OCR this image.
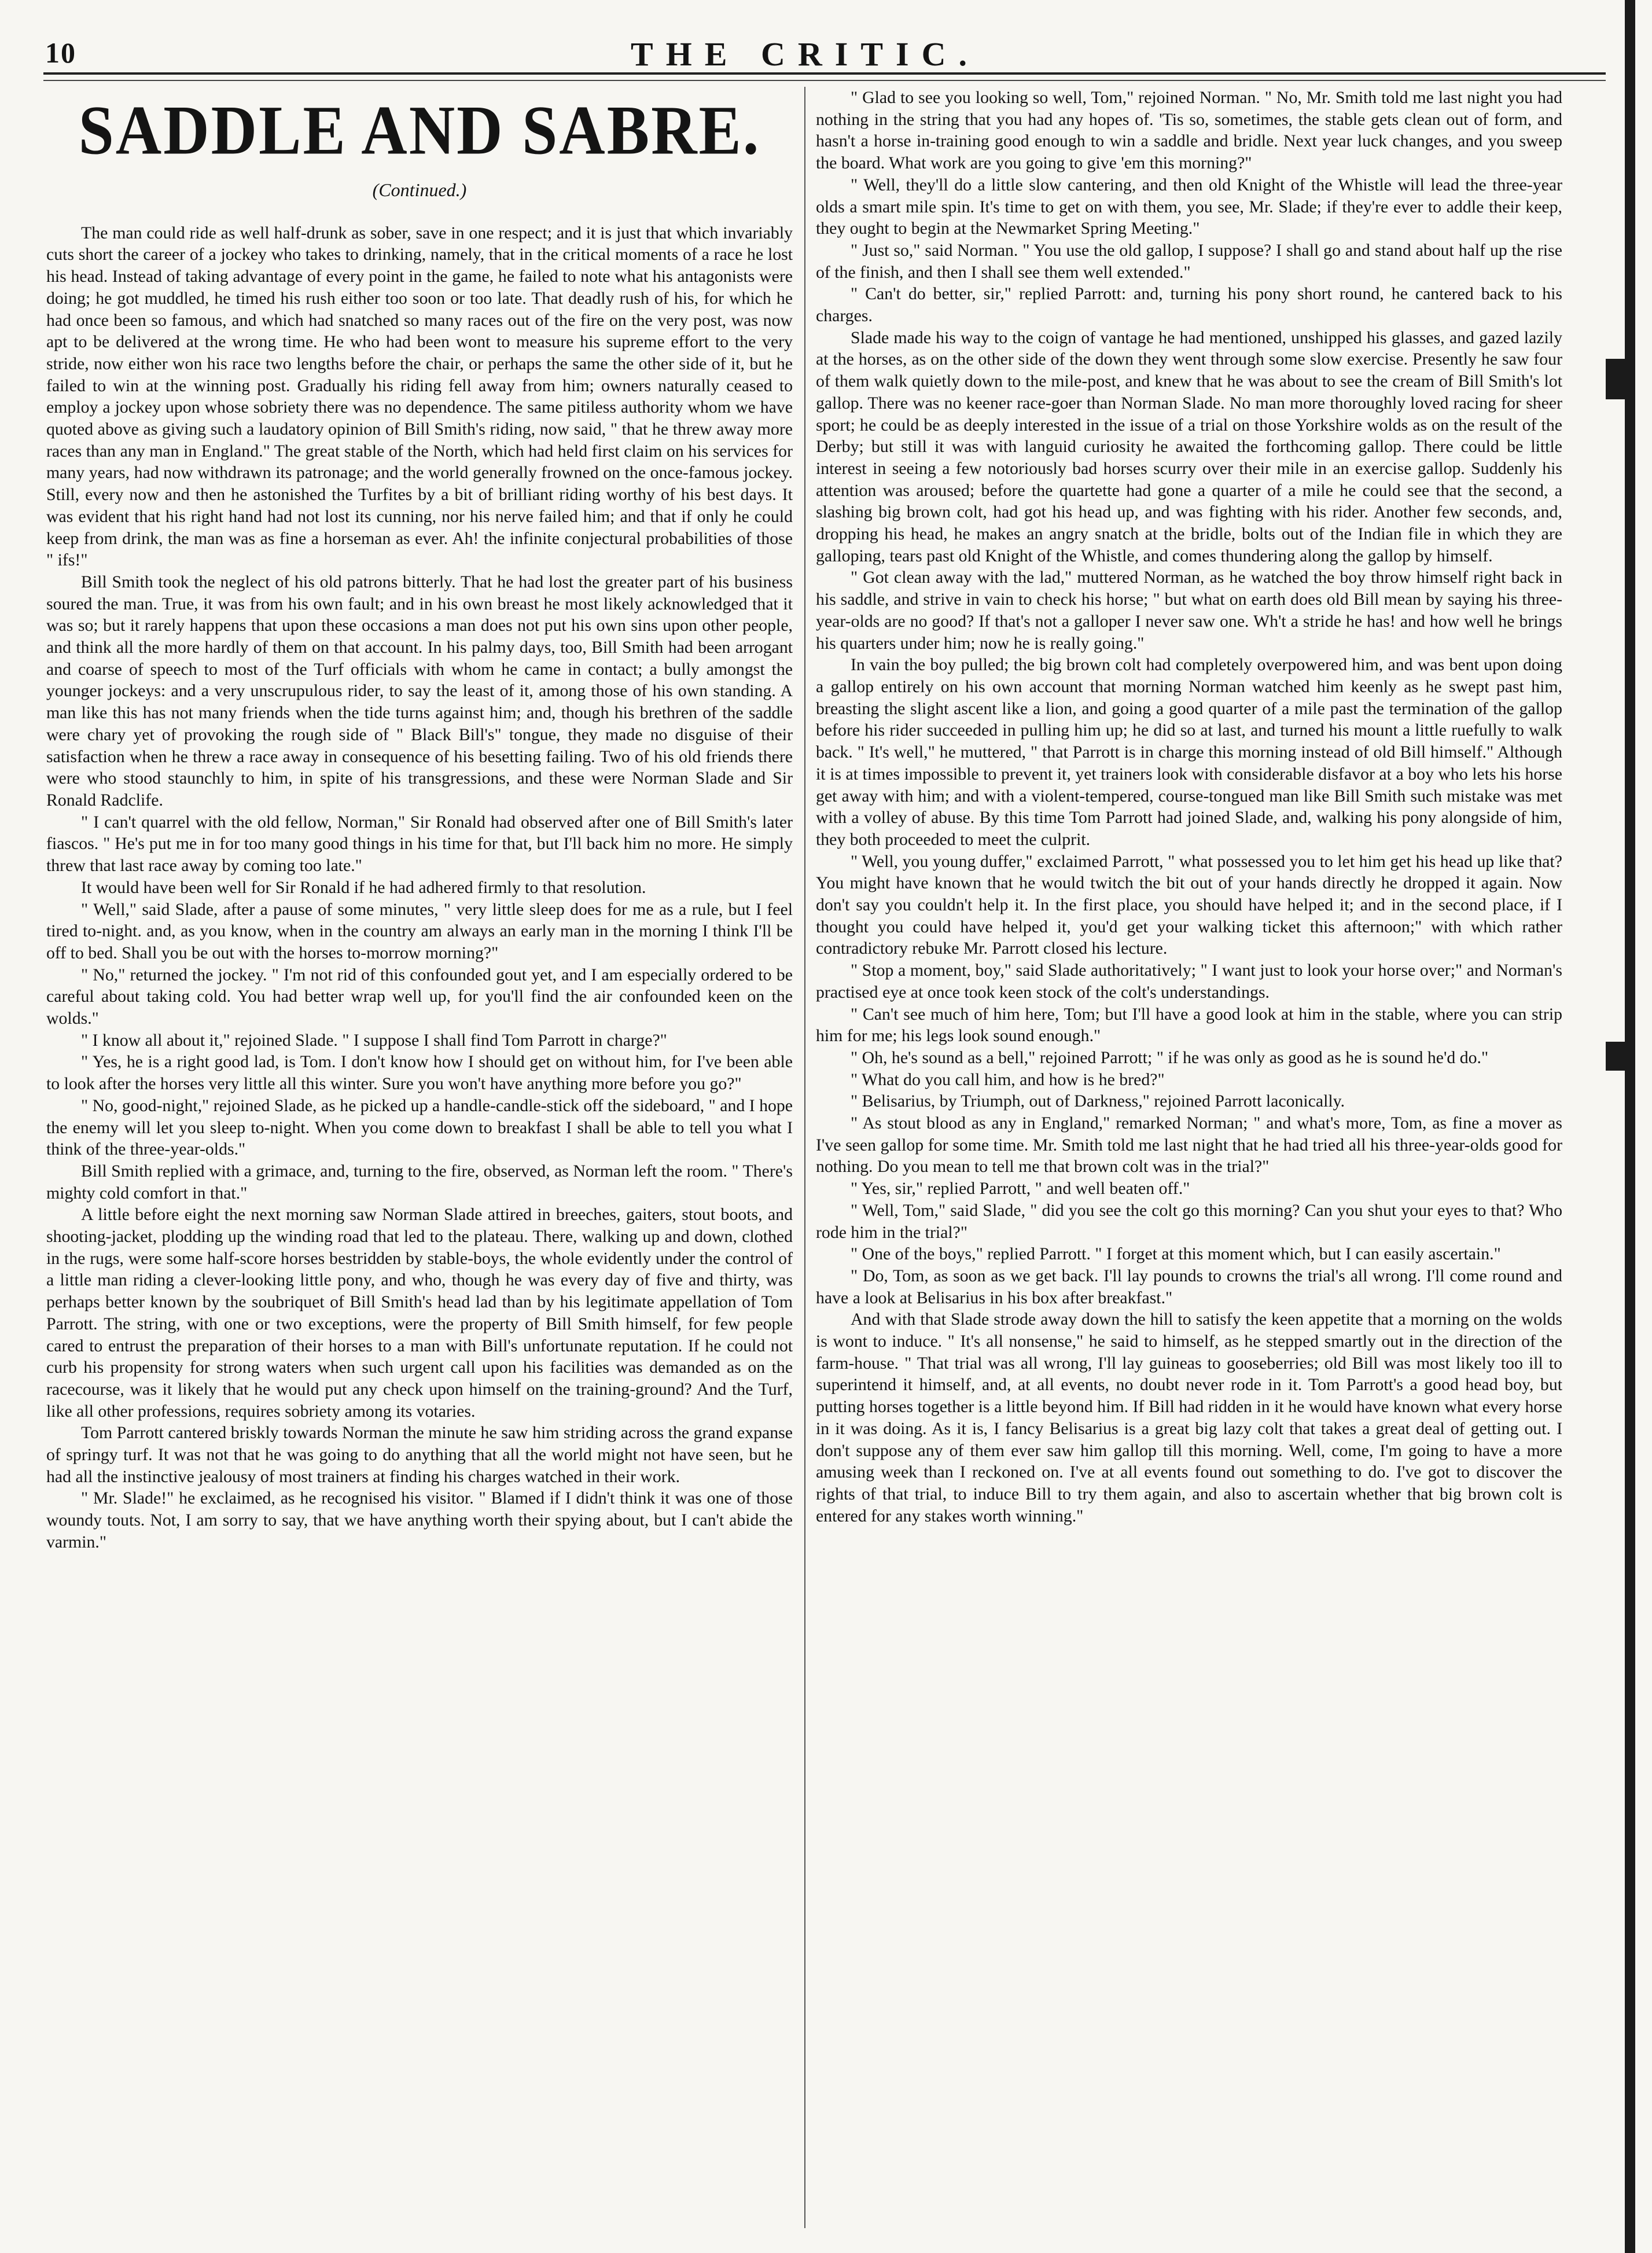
10	THE CRITIC.
SADDLE AND SABRE.
(Continued.)

The man could ride as well half-drunk as sober, save in one respect; and it is just that which invariably cuts short the career of a jockey who takes to drinking, namely, that in the critical moments of a race he lost his head. Instead of taking advantage of every point in the game, he failed to note what his antagonists were doing; he got muddled, he timed his rush either too soon or too late. That deadly rush of his, for which he had once been so famous, and which had snatched so many races out of the fire on the very post, was now apt to be delivered at the wrong time. He who had been wont to measure his supreme effort to the very stride, now either won his race two lengths before the chair, or perhaps the same the other side of it, but he failed to win at the winning post. Gradually his riding fell away from him; owners naturally ceased to employ a jockey upon whose sobriety there was no dependence. The same pitiless authority whom we have quoted above as giving such a laudatory opinion of Bill Smith's riding, now said, " that he threw away more races than any man in England." The great stable of the North, which had held first claim on his services for many years, had now withdrawn its patronage; and the world generally frowned on the once-famous jockey. Still, every now and then he astonished the Turfites by a bit of brilliant riding worthy of his best days. It was evident that his right hand had not lost its cunning, nor his nerve failed him; and that if only he could keep from drink, the man was as fine a horseman as ever. Ah! the infinite conjectural probabilities of those " ifs!"

Bill Smith took the neglect of his old patrons bitterly. That he had lost the greater part of his business soured the man. True, it was from his own fault; and in his own breast he most likely acknowledged that it was so; but it rarely happens that upon these occasions a man does not put his own sins upon other people, and think all the more hardly of them on that account. In his palmy days, too, Bill Smith had been arrogant and coarse of speech to most of the Turf officials with whom he came in contact; a bully amongst the younger jockeys: and a very unscrupulous rider, to say the least of it, among those of his own standing. A man like this has not many friends when the tide turns against him; and, though his brethren of the saddle were chary yet of provoking the rough side of " Black Bill's" tongue, they made no disguise of their satisfaction when he threw a race away in consequence of his besetting failing. Two of his old friends there were who stood staunchly to him, in spite of his transgressions, and these were Norman Slade and Sir Ronald Radclife.

" I can't quarrel with the old fellow, Norman," Sir Ronald had observed after one of Bill Smith's later fiascos. " He's put me in for too many good things in his time for that, but I'll back him no more. He simply threw that last race away by coming too late."

It would have been well for Sir Ronald if he had adhered firmly to that resolution.

" Well," said Slade, after a pause of some minutes, " very little sleep does for me as a rule, but I feel tired to-night. and, as you know, when in the country am always an early man in the morning I think I'll be off to bed. Shall you be out with the horses to-morrow morning?"

" No," returned the jockey. " I'm not rid of this confounded gout yet, and I am especially ordered to be careful about taking cold. You had better wrap well up, for you'll find the air confounded keen on the wolds."

" I know all about it," rejoined Slade. " I suppose I shall find Tom Parrott in charge?"

" Yes, he is a right good lad, is Tom. I don't know how I should get on without him, for I've been able to look after the horses very little all this winter. Sure you won't have anything more before you go?"

" No, good-night," rejoined Slade, as he picked up a handle-candle-stick off the sideboard, " and I hope the enemy will let you sleep to-night. When you come down to breakfast I shall be able to tell you what I think of the three-year-olds."

Bill Smith replied with a grimace, and, turning to the fire, observed, as Norman left the room. " There's mighty cold comfort in that."

A little before eight the next morning saw Norman Slade attired in breeches, gaiters, stout boots, and shooting-jacket, plodding up the winding road that led to the plateau. There, walking up and down, clothed in the rugs, were some half-score horses bestridden by stable-boys, the whole evidently under the control of a little man riding a clever-looking little pony, and who, though he was every day of five and thirty, was perhaps better known by the soubriquet of Bill Smith's head lad than by his legitimate appellation of Tom Parrott. The string, with one or two exceptions, were the property of Bill Smith himself, for few people cared to entrust the preparation of their horses to a man with Bill's unfortunate reputation. If he could not curb his propensity for strong waters when such urgent call upon his facilities was demanded as on the racecourse, was it likely that he would put any check upon himself on the training-ground? And the Turf, like all other professions, requires sobriety among its votaries.

Tom Parrott cantered briskly towards Norman the minute he saw him striding across the grand expanse of springy turf. It was not that he was going to do anything that all the world might not have seen, but he had all the instinctive jealousy of most trainers at finding his charges watched in their work.

" Mr. Slade!" he exclaimed, as he recognised his visitor. " Blamed if I didn't think it was one of those woundy touts. Not, I am sorry to say, that we have anything worth their spying about, but I can't abide the varmin."

" Glad to see you looking so well, Tom," rejoined Norman. " No, Mr. Smith told me last night you had nothing in the string that you had any hopes of. 'Tis so, sometimes, the stable gets clean out of form, and hasn't a horse in-training good enough to win a saddle and bridle. Next year luck changes, and you sweep the board. What work are you going to give 'em this morning?"

" Well, they'll do a little slow cantering, and then old Knight of the Whistle will lead the three-year olds a smart mile spin. It's time to get on with them, you see, Mr. Slade; if they're ever to addle their keep, they ought to begin at the Newmarket Spring Meeting."

" Just so," said Norman. " You use the old gallop, I suppose? I shall go and stand about half up the rise of the finish, and then I shall see them well extended."

" Can't do better, sir," replied Parrott: and, turning his pony short round, he cantered back to his charges.

Slade made his way to the coign of vantage he had mentioned, unshipped his glasses, and gazed lazily at the horses, as on the other side of the down they went through some slow exercise. Presently he saw four of them walk quietly down to the mile-post, and knew that he was about to see the cream of Bill Smith's lot gallop. There was no keener race-goer than Norman Slade. No man more thoroughly loved racing for sheer sport; he could be as deeply interested in the issue of a trial on those Yorkshire wolds as on the result of the Derby; but still it was with languid curiosity he awaited the forthcoming gallop. There could be little interest in seeing a few notoriously bad horses scurry over their mile in an exercise gallop. Suddenly his attention was aroused; before the quartette had gone a quarter of a mile he could see that the second, a slashing big brown colt, had got his head up, and was fighting with his rider. Another few seconds, and, dropping his head, he makes an angry snatch at the bridle, bolts out of the Indian file in which they are galloping, tears past old Knight of the Whistle, and comes thundering along the gallop by himself.

" Got clean away with the lad," muttered Norman, as he watched the boy throw himself right back in his saddle, and strive in vain to check his horse; " but what on earth does old Bill mean by saying his three-year-olds are no good? If that's not a galloper I never saw one. Wh't a stride he has! and how well he brings his quarters under him; now he is really going."

In vain the boy pulled; the big brown colt had completely overpowered him, and was bent upon doing a gallop entirely on his own account that morning Norman watched him keenly as he swept past him, breasting the slight ascent like a lion, and going a good quarter of a mile past the termination of the gallop before his rider succeeded in pulling him up; he did so at last, and turned his mount a little ruefully to walk back. " It's well," he muttered, " that Parrott is in charge this morning instead of old Bill himself." Although it is at times impossible to prevent it, yet trainers look with considerable disfavor at a boy who lets his horse get away with him; and with a violent-tempered, course-tongued man like Bill Smith such mistake was met with a volley of abuse. By this time Tom Parrott had joined Slade, and, walking his pony alongside of him, they both proceeded to meet the culprit.

" Well, you young duffer," exclaimed Parrott, " what possessed you to let him get his head up like that? You might have known that he would twitch the bit out of your hands directly he dropped it again. Now don't say you couldn't help it. In the first place, you should have helped it; and in the second place, if I thought you could have helped it, you'd get your walking ticket this afternoon;" with which rather contradictory rebuke Mr. Parrott closed his lecture.

" Stop a moment, boy," said Slade authoritatively; " I want just to look your horse over;" and Norman's practised eye at once took keen stock of the colt's understandings.

" Can't see much of him here, Tom; but I'll have a good look at him in the stable, where you can strip him for me; his legs look sound enough."

" Oh, he's sound as a bell," rejoined Parrott; " if he was only as good as he is sound he'd do."

" What do you call him, and how is he bred?"

" Belisarius, by Triumph, out of Darkness," rejoined Parrott laconically.

" As stout blood as any in England," remarked Norman; " and what's more, Tom, as fine a mover as I've seen gallop for some time. Mr. Smith told me last night that he had tried all his three-year-olds good for nothing. Do you mean to tell me that brown colt was in the trial?"

" Yes, sir," replied Parrott, " and well beaten off."

" Well, Tom," said Slade, " did you see the colt go this morning? Can you shut your eyes to that? Who rode him in the trial?"

" One of the boys," replied Parrott. " I forget at this moment which, but I can easily ascertain."

" Do, Tom, as soon as we get back. I'll lay pounds to crowns the trial's all wrong. I'll come round and have a look at Belisarius in his box after breakfast."

And with that Slade strode away down the hill to satisfy the keen appetite that a morning on the wolds is wont to induce. " It's all nonsense," he said to himself, as he stepped smartly out in the direction of the farm-house. " That trial was all wrong, I'll lay guineas to gooseberries; old Bill was most likely too ill to superintend it himself, and, at all events, no doubt never rode in it. Tom Parrott's a good head boy, but putting horses together is a little beyond him. If Bill had ridden in it he would have known what every horse in it was doing. As it is, I fancy Belisarius is a great big lazy colt that takes a great deal of getting out. I don't suppose any of them ever saw him gallop till this morning. Well, come, I'm going to have a more amusing week than I reckoned on. I've at all events found out something to do. I've got to discover the rights of that trial, to induce Bill to try them again, and also to ascertain whether that big brown colt is entered for any stakes worth winning."
